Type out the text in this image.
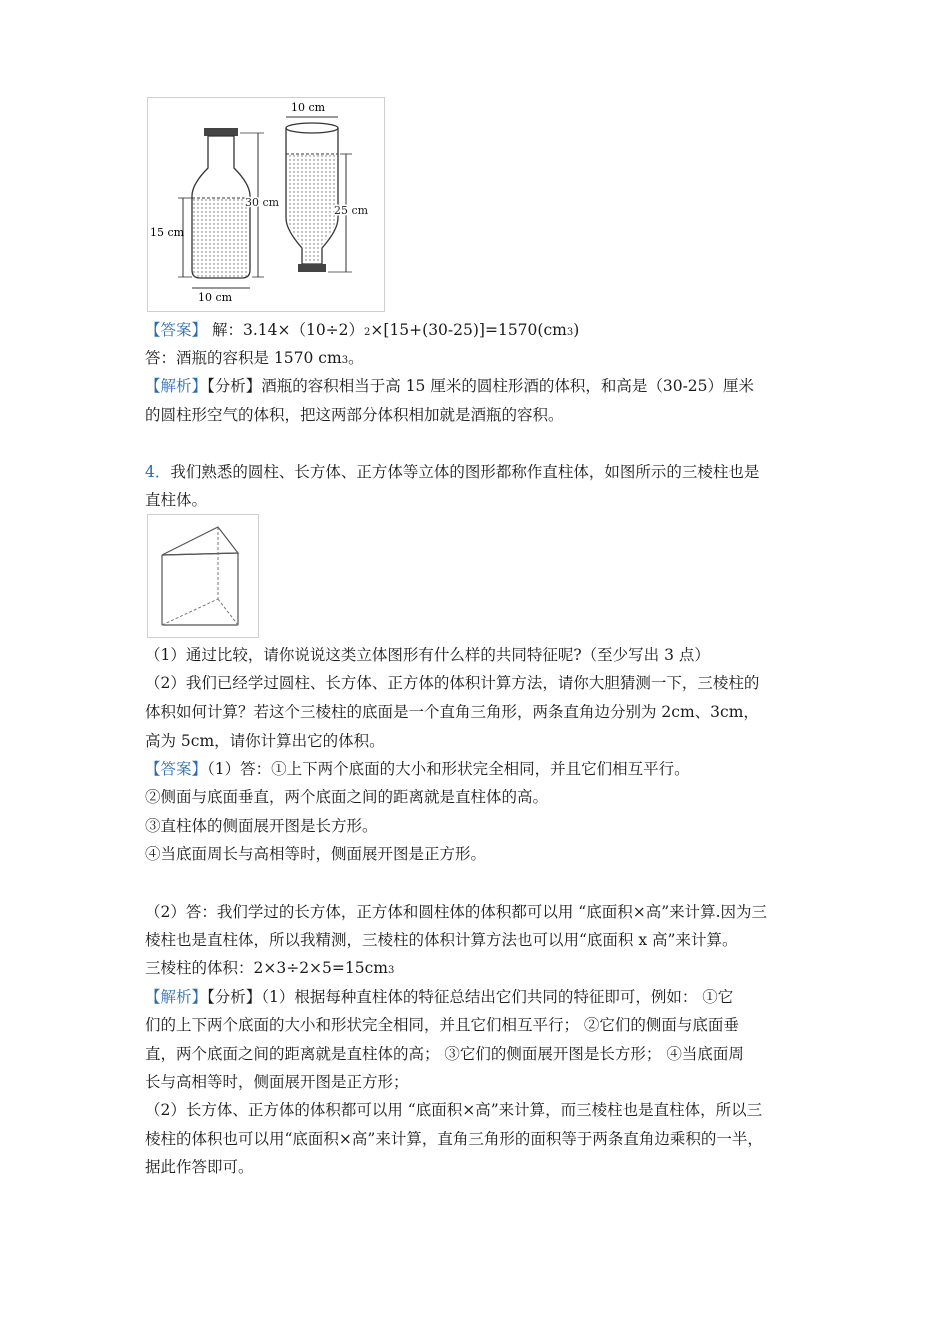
15 cm
30 cm
10 cm
10 cm
25 cm
【答案】 解：3.14×（10÷2）2×[15+(30-25)]=1570(cm3)
答：酒瓶的容积是 1570 cm3。
【解析】【分析】酒瓶的容积相当于高 15 厘米的圆柱形酒的体积，和高是（30-25）厘米
的圆柱形空气的体积，把这两部分体积相加就是酒瓶的容积。
4．我们熟悉的圆柱、长方体、正方体等立体的图形都称作直柱体，如图所示的三棱柱也是
直柱体。
（1）通过比较，请你说说这类立体图形有什么样的共同特征呢?（至少写出 3 点）
（2）我们已经学过圆柱、长方体、正方体的体积计算方法，请你大胆猜测一下，三棱柱的
体积如何计算？若这个三棱柱的底面是一个直角三角形，两条直角边分别为 2cm、3cm，
高为 5cm，请你计算出它的体积。
【答案】（1）答：①上下两个底面的大小和形状完全相同，并且它们相互平行。
②侧面与底面垂直，两个底面之间的距离就是直柱体的高。
③直柱体的侧面展开图是长方形。
④当底面周长与高相等时，侧面展开图是正方形。
（2）答：我们学过的长方体，正方体和圆柱体的体积都可以用 “底面积×高”来计算.因为三
棱柱也是直柱体，所以我精测，三棱柱的体积计算方法也可以用“底面积 x 高”来计算。
三棱柱的体积：2×3÷2×5=15cm3
【解析】【分析】（1）根据每种直柱体的特征总结出它们共同的特征即可，例如： ①它
们的上下两个底面的大小和形状完全相同，并且它们相互平行； ②它们的侧面与底面垂
直，两个底面之间的距离就是直柱体的高； ③它们的侧面展开图是长方形； ④当底面周
长与高相等时，侧面展开图是正方形；
（2）长方体、正方体的体积都可以用 “底面积×高”来计算，而三棱柱也是直柱体，所以三
棱柱的体积也可以用“底面积×高”来计算，直角三角形的面积等于两条直角边乘积的一半，
据此作答即可。
